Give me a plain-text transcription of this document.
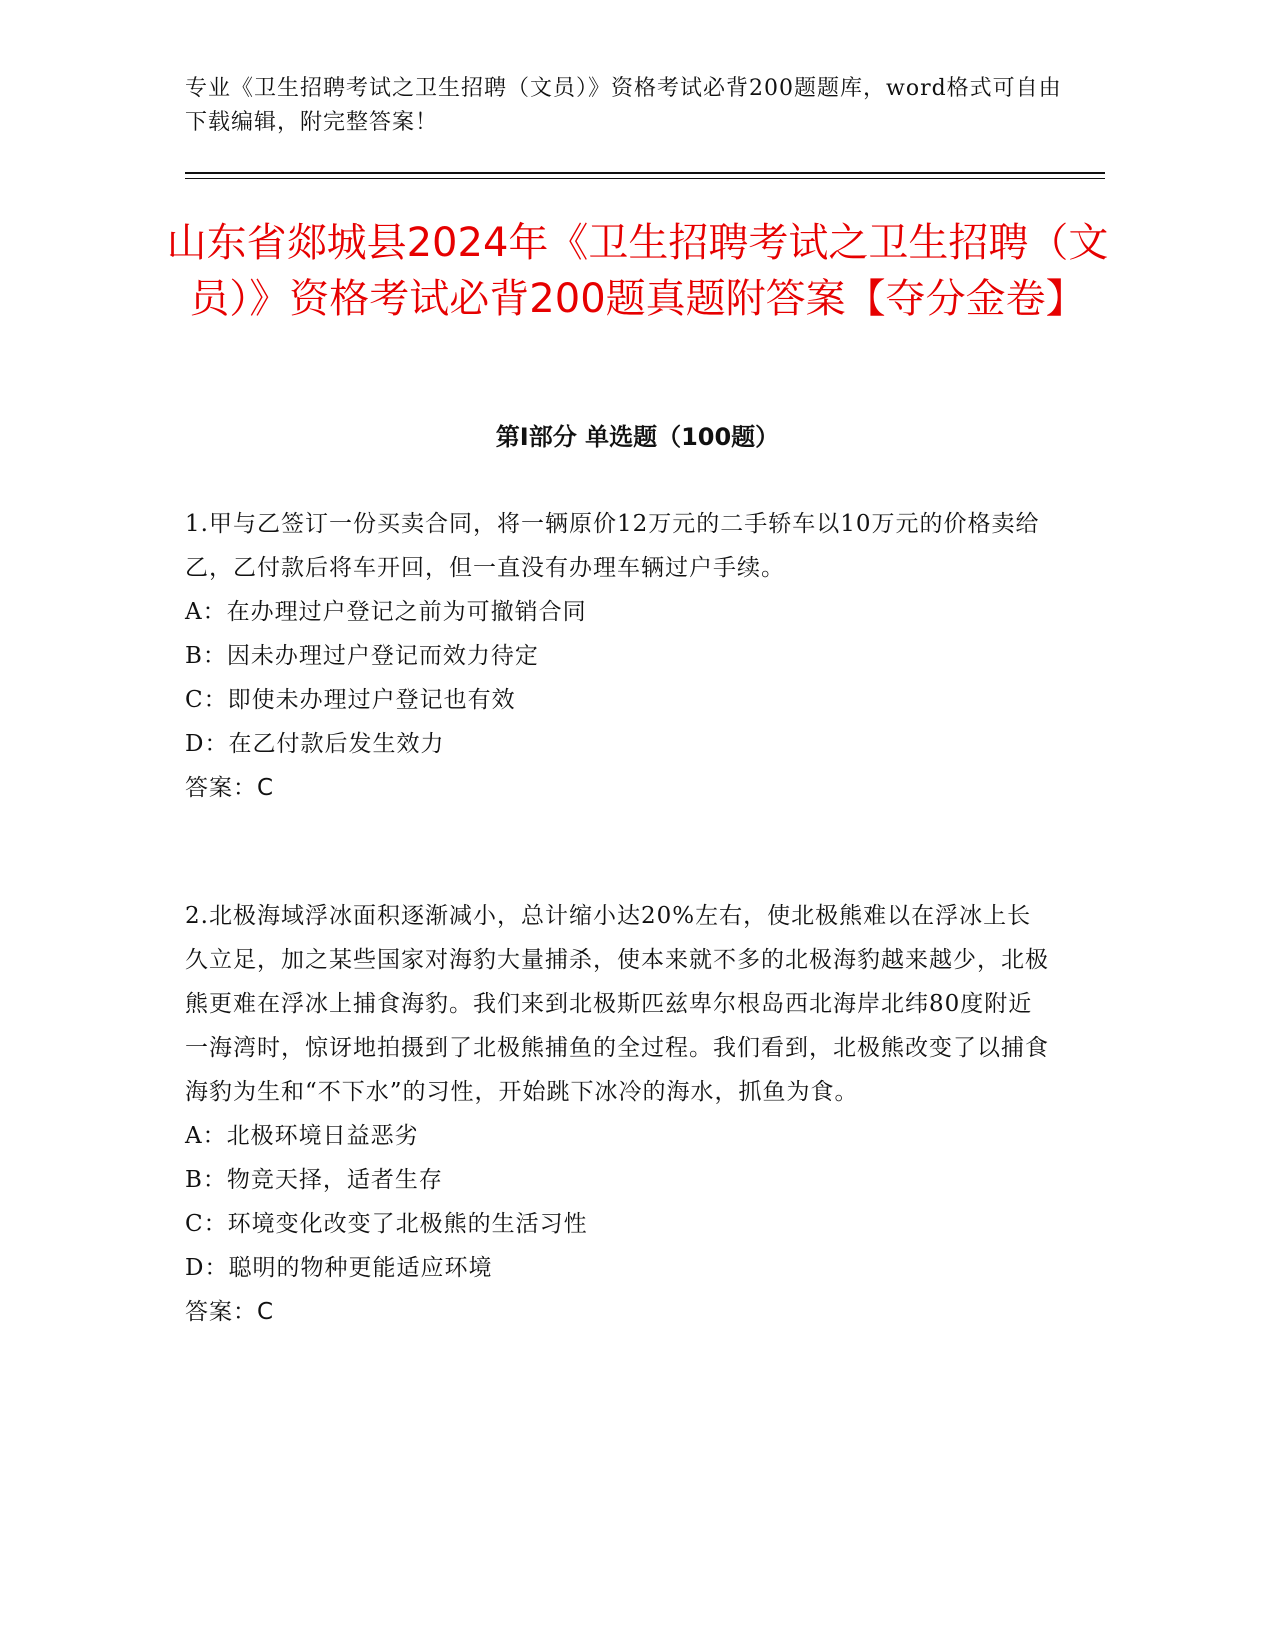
专业《卫生招聘考试之卫生招聘（文员）》资格考试必背200题题库，word格式可自由下载编辑，附完整答案！
山东省郯城县2024年《卫生招聘考试之卫生招聘（文员）》资格考试必背200题真题附答案【夺分金卷】
第Ⅰ部分 单选题（100题）

1.甲与乙签订一份买卖合同，将一辆原价12万元的二手轿车以10万元的价格卖给乙，乙付款后将车开回，但一直没有办理车辆过户手续。

A：在办理过户登记之前为可撤销合同
B：因未办理过户登记而效力待定
C：即使未办理过户登记也有效
D：在乙付款后发生效力

答案：C

2.北极海域浮冰面积逐渐减小，总计缩小达20%左右，使北极熊难以在浮冰上长久立足，加之某些国家对海豹大量捕杀，使本来就不多的北极海豹越来越少，北极熊更难在浮冰上捕食海豹。我们来到北极斯匹兹卑尔根岛西北海岸北纬80度附近一海湾时，惊讶地拍摄到了北极熊捕鱼的全过程。我们看到，北极熊改变了以捕食海豹为生和“不下水”的习性，开始跳下冰冷的海水，抓鱼为食。

A：北极环境日益恶劣
B：物竞天择，适者生存
C：环境变化改变了北极熊的生活习性
D：聪明的物种更能适应环境

答案：C
